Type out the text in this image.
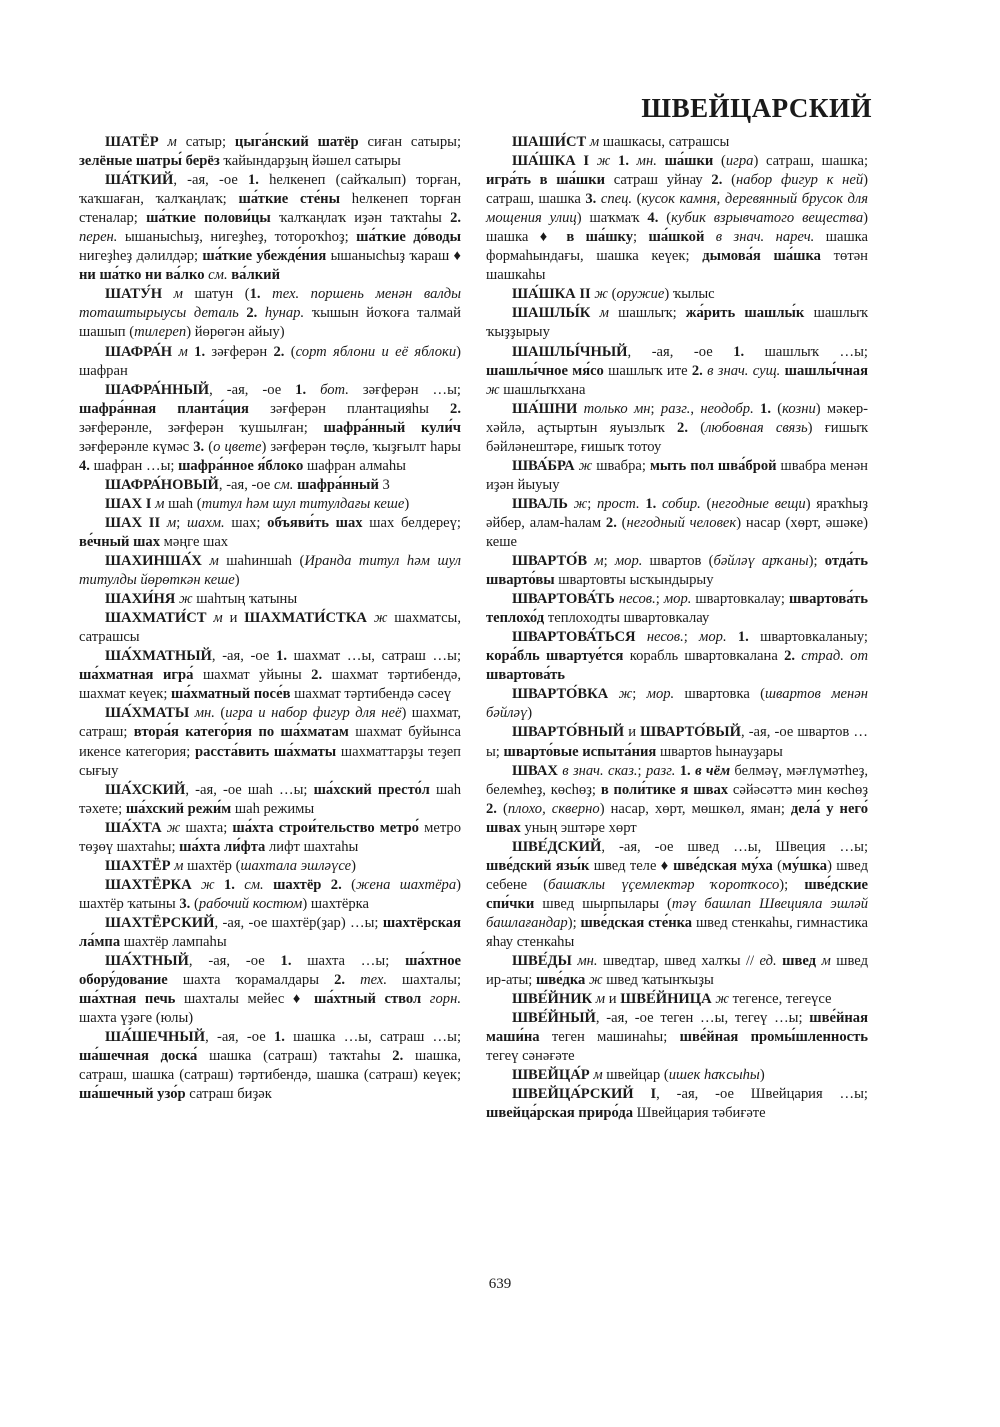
ШВЕЙЦАРСКИЙ

ШАТЁР м сатыр; цыга́нский шатёр сиған сатыры; зелёные шатры́ берёз ҡайындарҙың йәшел сатыры

ША́ТКИЙ, -ая, -ое 1. һелкенеп (сайҡалып) торған, ҡаҡшаған, ҡалҡаңлаҡ; ша́ткие сте́ны һелкенеп торған стеналар; ша́ткие полови́цы ҡалҡаңлаҡ иҙән таҡтаһы 2. перен. ышанысһыҙ, нигеҙһеҙ, тотороҡһоҙ; ша́ткие до́воды нигеҙһеҙ дәлилдәр; ша́ткие убежде́ния ышанысһыҙ ҡараш ♦ ни ша́тко ни ва́лко см. ва́лкий

ШАТУ́Н м шатун (1. тех. поршень менән валды тоташтырыусы деталь 2. һунар. ҡышын йоҡоға талмай шашып (тилереп) йөрөгән айыу)

ШАФРА́Н м 1. зәғферән 2. (сорт яблони и её яблоки) шафран

ШАФРА́ННЫЙ, -ая, -ое 1. бот. зәғферән …ы; шафра́нная планта́ция зәғферән плантацияһы 2. зәғферәнле, зәғферән ҡушылған; шафра́нный кули́ч зәғферәнле күмәс 3. (о цвете) зәғферән төҫлө, ҡыҙғылт һары 4. шафран …ы; шафра́нное я́блоко шафран алмаһы

ШАФРА́НОВЫЙ, -ая, -ое см. шафра́нный 3

ШАХ I м шаһ (титул һәм шул титулдағы кеше)

ШАХ II м; шахм. шах; объяви́ть шах шах белдереү; ве́чный шах мәңге шах

ШАХИНША́Х м шаһиншаһ (Иранда титул һәм шул титулды йөрөткән кеше)

ШАХИ́НЯ ж шаһтың ҡатыны

ШАХМАТИ́СТ м и ШАХМАТИ́СТКА ж шахматсы, сатрашсы

ША́ХМАТНЫЙ, -ая, -ое 1. шахмат …ы, сатраш …ы; ша́хматная игра́ шахмат уйыны 2. шахмат тәртибендә, шахмат кеүек; ша́хматный посе́в шахмат тәртибендә сәсеү

ША́ХМАТЫ мн. (игра и набор фигур для неё) шахмат, сатраш; втора́я катего́рия по ша́хматам шахмат буйынса икенсе категория; расста́вить ша́хматы шахматтарҙы теҙеп сығыу

ША́ХСКИЙ, -ая, -ое шаһ …ы; ша́хский престо́л шаһ тәхете; ша́хский режи́м шаһ режимы

ША́ХТА ж шахта; ша́хта строи́тельство метро́ метро төҙөү шахтаһы; ша́хта ли́фта лифт шахтаһы

ШАХТЁР м шахтёр (шахтала эшләүсе)

ШАХТЁРКА ж 1. см. шахтёр 2. (жена шахтёра) шахтёр ҡатыны 3. (рабочий костюм) шахтёрка

ШАХТЁРСКИЙ, -ая, -ое шахтёр(ҙар) …ы; шахтёрская ла́мпа шахтёр лампаһы

ША́ХТНЫЙ, -ая, -ое 1. шахта …ы; ша́хтное обору́дование шахта ҡорамалдары 2. тех. шахталы; ша́хтная печь шахталы мейес ♦ ша́хтный ствол горн. шахта үҙәге (юлы)

ША́ШЕЧНЫЙ, -ая, -ое 1. шашка …ы, сатраш …ы; ша́шечная доска́ шашка (сатраш) таҡтаһы 2. шашка, сатраш, шашка (сатраш) тәртибендә, шашка (сатраш) кеүек; ша́шечный узо́р сатраш биҙәк

ШАШИ́СТ м шашкасы, сатрашсы

ША́ШКА I ж 1. мн. ша́шки (игра) сатраш, шашка; игра́ть в ша́шки сатраш уйнау 2. (набор фигур к ней) сатраш, шашка 3. спец. (кусок камня, деревянный брусок для мощения улиц) шаҡмаҡ 4. (кубик взрывчатого вещества) шашка ♦ в ша́шку; ша́шкой в знач. нареч. шашка формаһындағы, шашка кеүек; дымова́я ша́шка төтән шашкаһы

ША́ШКА II ж (оружие) ҡылыс

ШАШЛЫ́К м шашлыҡ; жа́рить шашлы́к шашлыҡ ҡыҙҙырыу

ШАШЛЫ́ЧНЫЙ, -ая, -ое 1. шашлыҡ …ы; шашлы́чное мя́со шашлыҡ ите 2. в знач. сущ. шашлы́чная ж шашлыҡхана

ША́ШНИ только мн; разг., неодобр. 1. (козни) мәкер-хәйлә, аҫтыртын яуызлыҡ 2. (любовная связь) ғишыҡ бәйләнештәре, ғишыҡ тотоу

ШВА́БРА ж швабра; мыть пол шва́брой швабра менән иҙән йыуыу

ШВАЛЬ ж; прост. 1. собир. (негодные вещи) яраҡһыҙ әйбер, алам-һалам 2. (негодный человек) насар (хөрт, әшәке) кеше

ШВАРТО́В м; мор. швартов (бәйләү арҡаны); отда́ть шварто́вы швартовты ысҡындырыу

ШВАРТОВА́ТЬ несов.; мор. швартовкалау; швартова́ть теплохо́д теплоходты швартовкалау

ШВАРТОВА́ТЬСЯ несов.; мор. 1. швартовкаланыу; кора́бль швартуе́тся корабль швартовкалана 2. страд. от швартова́ть

ШВАРТО́ВКА ж; мор. швартовка (швартов менән бәйләү)

ШВАРТО́ВНЫЙ и ШВАРТО́ВЫЙ, -ая, -ое швартов …ы; шварто́вые испыта́ния швартов һынауҙары

ШВАХ в знач. сказ.; разг. 1. в чём белмәү, мәғлүмәтһеҙ, белемһеҙ, көсһөҙ; в поли́тике я швах сәйәсәттә мин көсһөҙ 2. (плохо, скверно) насар, хөрт, мөшкөл, яман; дела́ у него́ швах уның эштәре хөрт

ШВЕ́ДСКИЙ, -ая, -ое швед …ы, Швеция …ы; шве́дский язы́к швед теле ♦ шве́дская му́ха (му́шка) швед себене (башаҡлы үҫемлектәр ҡоротҡосо); шве́дские спи́чки швед шырпылары (тәү башлап Швецияла эшләй башлағандар); шве́дская сте́нка швед стенкаһы, гимнастика яһау стенкаһы

ШВЕ́ДЫ мн. шведтар, швед халҡы // ед. швед м швед ир-аты; шве́дка ж швед ҡатынҡыҙы

ШВЕ́ЙНИК м и ШВЕ́ЙНИЦА ж тегенсе, тегеүсе

ШВЕ́ЙНЫЙ, -ая, -ое теген …ы, тегеү …ы; шве́йная маши́на теген машинаһы; шве́йная промы́шленность тегеү сәнәғәте

ШВЕЙЦА́Р м швейцар (ишек һаҡсыһы)

ШВЕЙЦА́РСКИЙ I, -ая, -ое Швейцария …ы; швейца́рская приро́да Швейцария тәбиғәте

639
